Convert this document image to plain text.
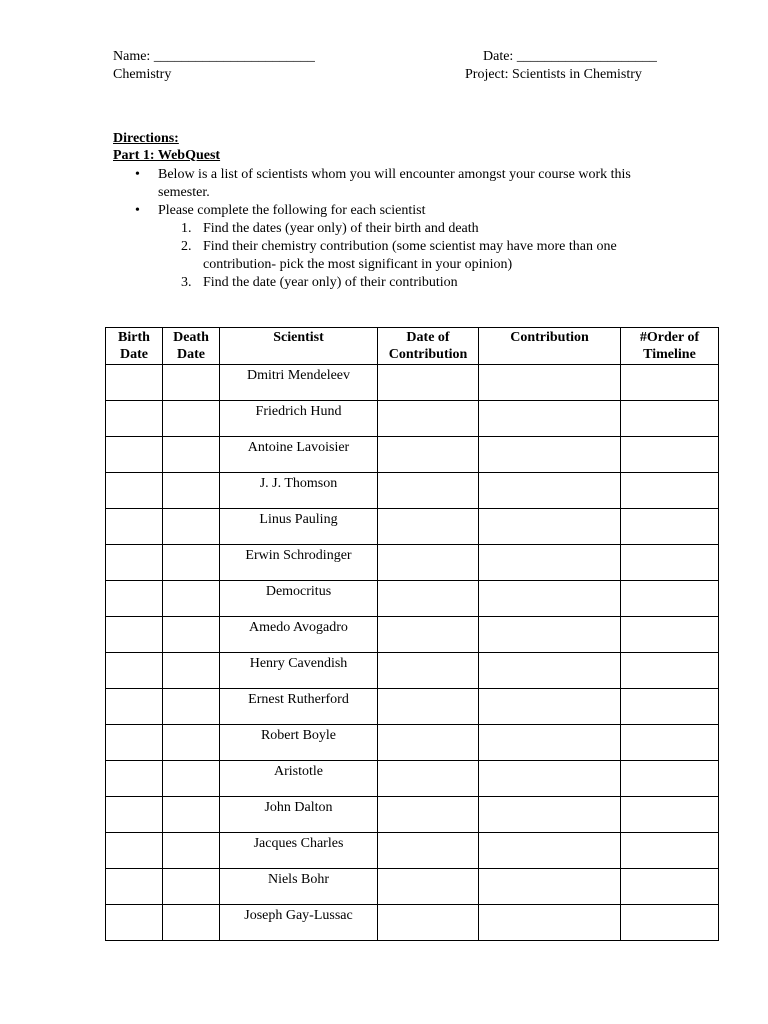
Name: _______________________	Date: ____________________
Chemistry	Project: Scientists in Chemistry
Directions:
Part 1: WebQuest
• Below is a list of scientists whom you will encounter amongst your course work this semester.
• Please complete the following for each scientist
1. Find the dates (year only) of their birth and death
2. Find their chemistry contribution (some scientist may have more than one contribution- pick the most significant in your opinion)
3. Find the date (year only) of their contribution
Birth Date	Death Date	Scientist	Date of Contribution	Contribution	#Order of Timeline
		Dmitri Mendeleev			
		Friedrich Hund			
		Antoine Lavoisier			
		J. J. Thomson			
		Linus Pauling			
		Erwin Schrodinger			
		Democritus			
		Amedo Avogadro			
		Henry Cavendish			
		Ernest Rutherford			
		Robert Boyle			
		Aristotle			
		John Dalton			
		Jacques Charles			
		Niels Bohr			
		Joseph Gay-Lussac			
